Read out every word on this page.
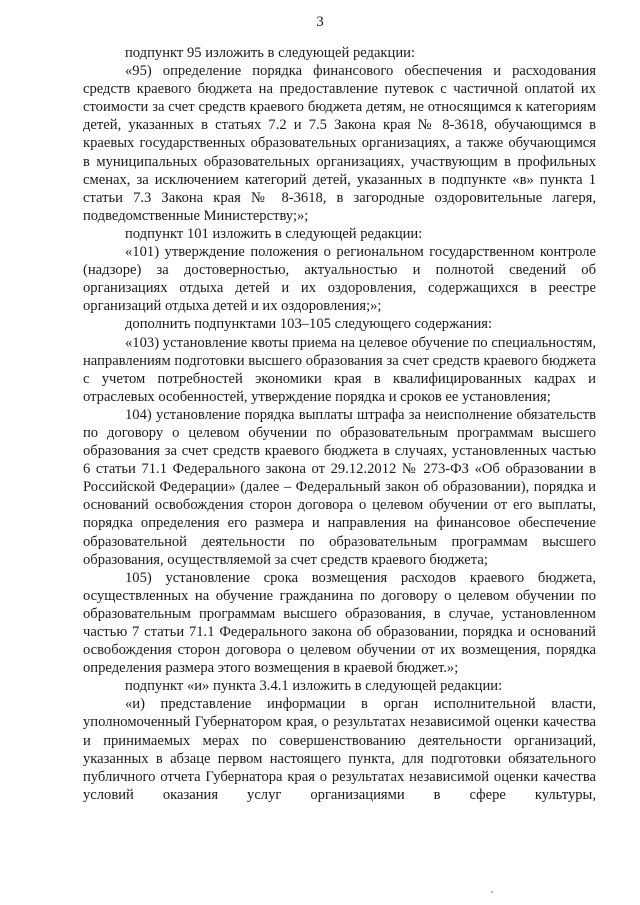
3

подпункт 95 изложить в следующей редакции:

«95) определение порядка финансового обеспечения и расходования средств краевого бюджета на предоставление путевок с частичной оплатой их стоимости за счет средств краевого бюджета детям, не относящимся к категориям детей, указанных в статьях 7.2 и 7.5 Закона края № 8-3618, обучающимся в краевых государственных образовательных организациях, а также обучающимся в муниципальных образовательных организациях, участвующим в профильных сменах, за исключением категорий детей, указанных в подпункте «в» пункта 1 статьи 7.3 Закона края № 8-3618, в загородные оздоровительные лагеря, подведомственные Министерству;»;

подпункт 101 изложить в следующей редакции:

«101) утверждение положения о региональном государственном контроле (надзоре) за достоверностью, актуальностью и полнотой сведений об организациях отдыха детей и их оздоровления, содержащихся в реестре организаций отдыха детей и их оздоровления;»;

дополнить подпунктами 103–105 следующего содержания:

«103) установление квоты приема на целевое обучение по специальностям, направлениям подготовки высшего образования за счет средств краевого бюджета с учетом потребностей экономики края в квалифицированных кадрах и отраслевых особенностей, утверждение порядка и сроков ее установления;

104) установление порядка выплаты штрафа за неисполнение обязательств по договору о целевом обучении по образовательным программам высшего образования за счет средств краевого бюджета в случаях, установленных частью 6 статьи 71.1 Федерального закона от 29.12.2012 № 273-ФЗ «Об образовании в Российской Федерации» (далее – Федеральный закон об образовании), порядка и оснований освобождения сторон договора о целевом обучении от его выплаты, порядка определения его размера и направления на финансовое обеспечение образовательной деятельности по образовательным программам высшего образования, осуществляемой за счет средств краевого бюджета;

105) установление срока возмещения расходов краевого бюджета, осуществленных на обучение гражданина по договору о целевом обучении по образовательным программам высшего образования, в случае, установленном частью 7 статьи 71.1 Федерального закона об образовании, порядка и оснований освобождения сторон договора о целевом обучении от их возмещения, порядка определения размера этого возмещения в краевой бюджет.»;

подпункт «и» пункта 3.4.1 изложить в следующей редакции:

«и) представление информации в орган исполнительной власти, уполномоченный Губернатором края, о результатах независимой оценки качества и принимаемых мерах по совершенствованию деятельности организаций, указанных в абзаце первом настоящего пункта, для подготовки обязательного публичного отчета Губернатора края о результатах независимой оценки качества условий оказания услуг организациями в сфере культуры,
